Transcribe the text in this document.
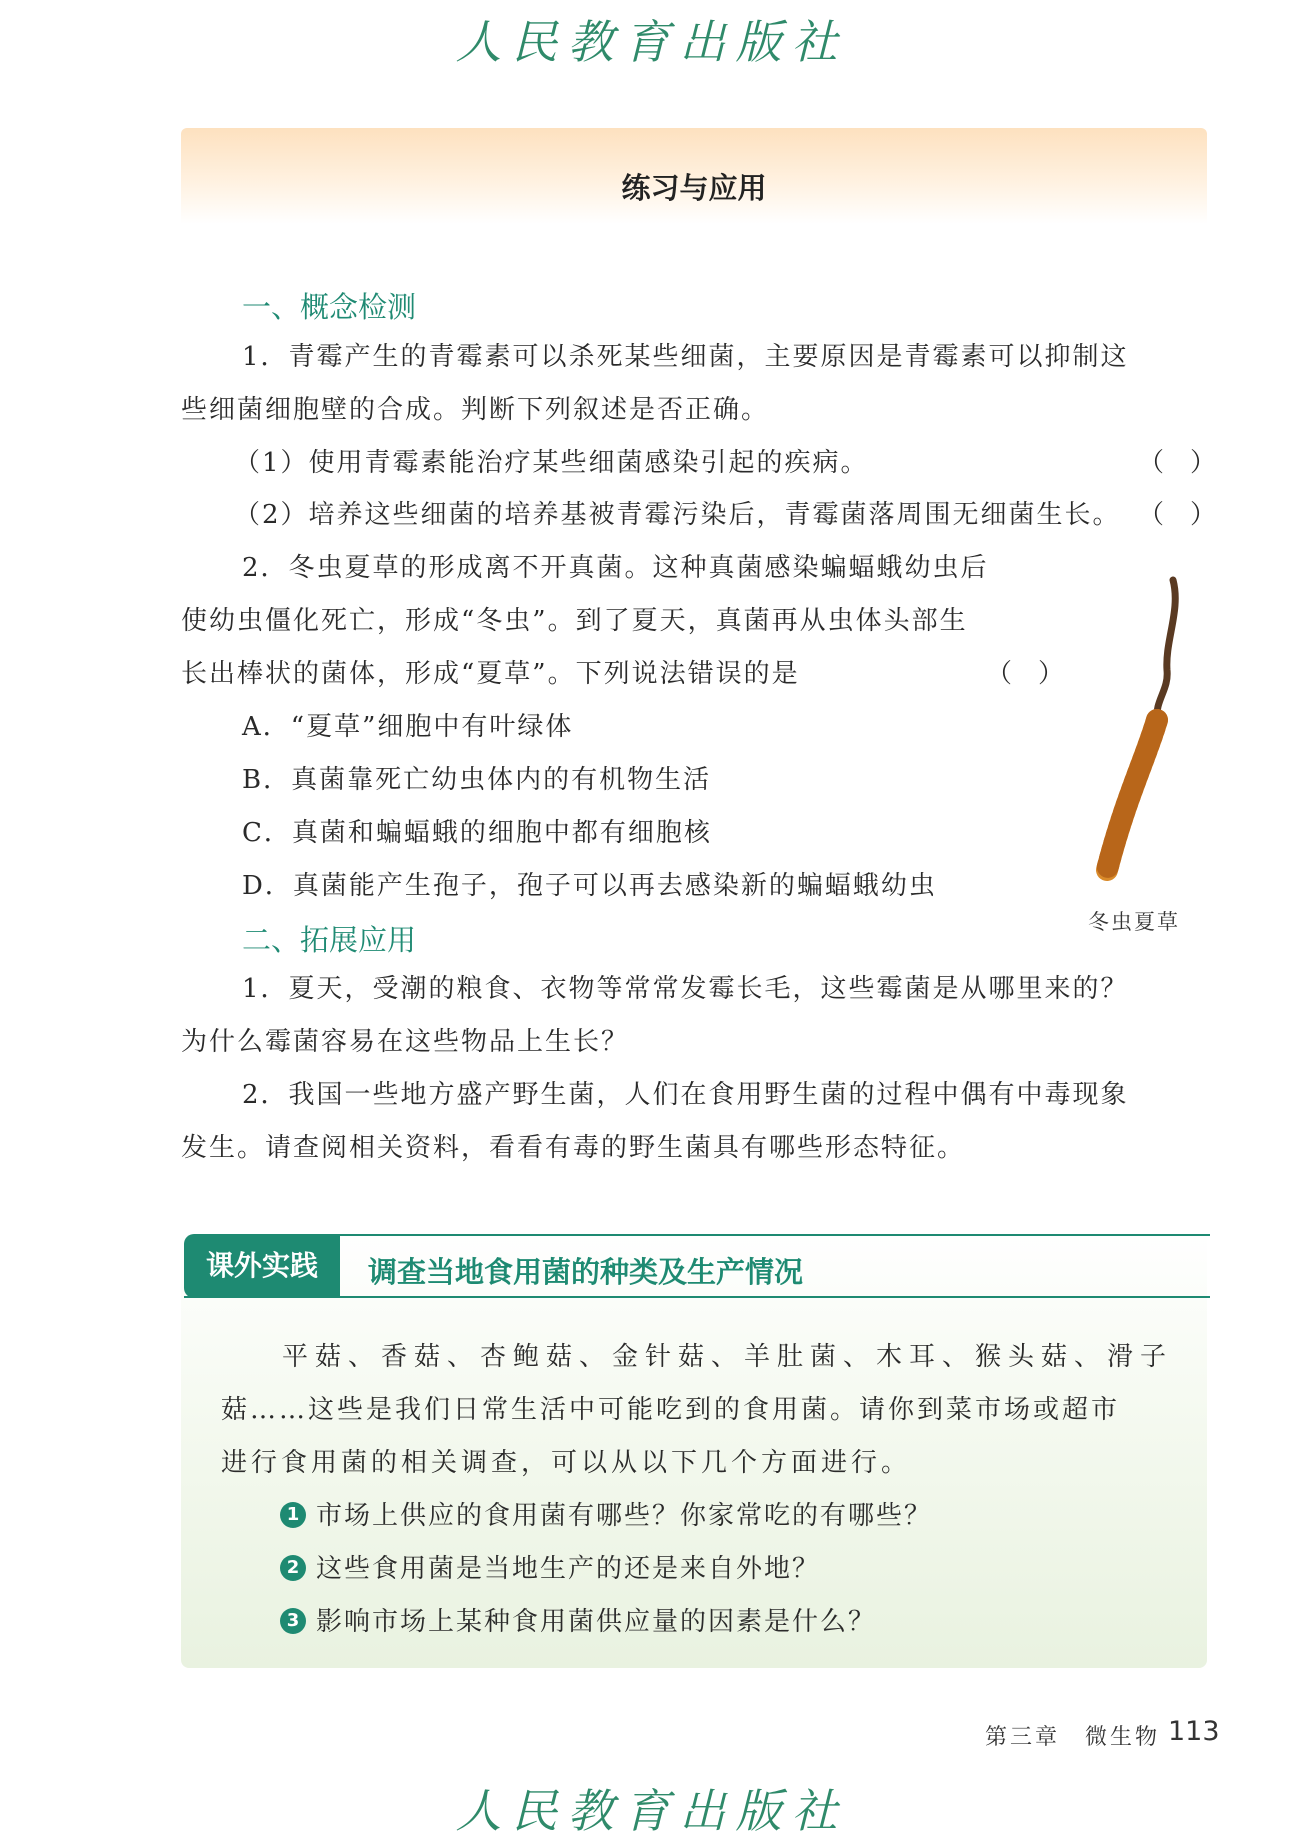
人民教育出版社
练习与应用
一、概念检测
1．青霉产生的青霉素可以杀死某些细菌，主要原因是青霉素可以抑制这
些细菌细胞壁的合成。判断下列叙述是否正确。
（1）使用青霉素能治疗某些细菌感染引起的疾病。	（　）
（2）培养这些细菌的培养基被青霉污染后，青霉菌落周围无细菌生长。 （　）
2．冬虫夏草的形成离不开真菌。这种真菌感染蝙蝠蛾幼虫后
使幼虫僵化死亡，形成“冬虫”。到了夏天，真菌再从虫体头部生
长出棒状的菌体，形成“夏草”。下列说法错误的是	（　）
A．“夏草”细胞中有叶绿体
B．真菌靠死亡幼虫体内的有机物生活
C．真菌和蝙蝠蛾的细胞中都有细胞核
D．真菌能产生孢子，孢子可以再去感染新的蝙蝠蛾幼虫
冬虫夏草
二、拓展应用
1．夏天，受潮的粮食、衣物等常常发霉长毛，这些霉菌是从哪里来的？
为什么霉菌容易在这些物品上生长？
2．我国一些地方盛产野生菌，人们在食用野生菌的过程中偶有中毒现象
发生。请查阅相关资料，看看有毒的野生菌具有哪些形态特征。
课外实践	调查当地食用菌的种类及生产情况
平菇、香菇、杏鲍菇、金针菇、羊肚菌、木耳、猴头菇、滑子
菇……这些是我们日常生活中可能吃到的食用菌。请你到菜市场或超市
进行食用菌的相关调查，可以从以下几个方面进行。
1 市场上供应的食用菌有哪些？你家常吃的有哪些？
2 这些食用菌是当地生产的还是来自外地？
3 影响市场上某种食用菌供应量的因素是什么？
第三章　微生物 113
人民教育出版社
